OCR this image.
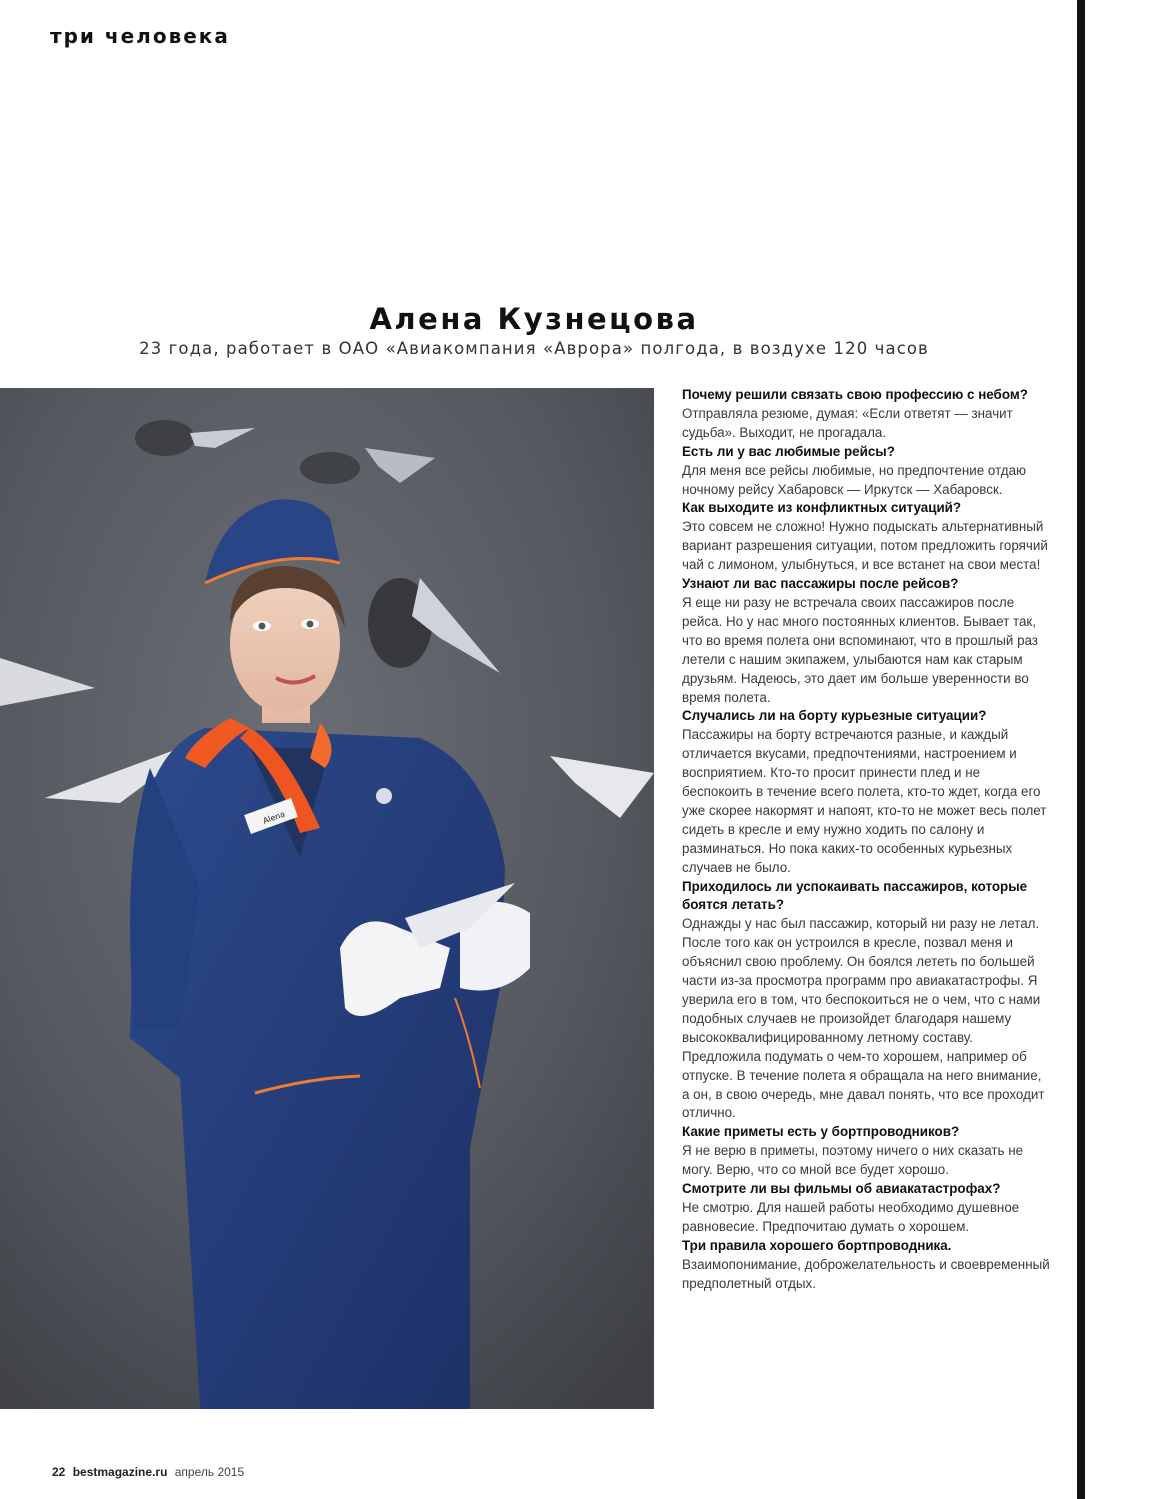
три человека
Алена Кузнецова
23 года, работает в ОАО «Авиакомпания «Аврора» полгода, в воздухе 120 часов
Alena

Почему решили связать свою профессию с небом?

Отправляла резюме, думая: «Если ответят — значит судьба». Выходит, не прогадала.

Есть ли у вас любимые рейсы?

Для меня все рейсы любимые, но предпочтение отдаю ночному рейсу Хабаровск — Иркутск — Хабаровск.

Как выходите из конфликтных ситуаций?

Это совсем не сложно! Нужно подыскать альтернативный вариант разрешения ситуации, потом предложить горячий чай с лимоном, улыбнуться, и все встанет на свои места!

Узнают ли вас пассажиры после рейсов?

Я еще ни разу не встречала своих пассажиров после рейса. Но у нас много постоянных клиентов. Бывает так, что во время полета они вспоминают, что в прошлый раз летели с нашим экипажем, улыбаются нам как старым друзьям. Надеюсь, это дает им больше уверенности во время полета.

Случались ли на борту курьезные ситуации?

Пассажиры на борту встречаются разные, и каждый отличается вкусами, предпочтениями, настроением и восприятием. Кто-то просит принести плед и не беспокоить в течение всего полета, кто-то ждет, когда его уже скорее накормят и напоят, кто-то не может весь полет сидеть в кресле и ему нужно ходить по салону и разминаться. Но пока каких-то особенных курьезных случаев не было.

Приходилось ли успокаивать пассажиров, которые боятся летать?

Однажды у нас был пассажир, который ни разу не летал. После того как он устроился в кресле, позвал меня и объяснил свою проблему. Он боялся лететь по большей части из-за просмотра программ про авиакатастрофы. Я уверила его в том, что беспокоиться не о чем, что с нами подобных случаев не произойдет благодаря нашему высококвалифицированному летному составу. Предложила подумать о чем-то хорошем, например об отпуске. В течение полета я обращала на него внимание, а он, в свою очередь, мне давал понять, что все проходит отлично.

Какие приметы есть у бортпроводников?

Я не верю в приметы, поэтому ничего о них сказать не могу. Верю, что со мной все будет хорошо.

Смотрите ли вы фильмы об авиакатастрофах?

Не смотрю. Для нашей работы необходимо душевное равновесие. Предпочитаю думать о хорошем.

Три правила хорошего бортпроводника.

Взаимопонимание, доброжелательность и своевременный предполетный отдых.

22 bestmagazine.ru апрель 2015
